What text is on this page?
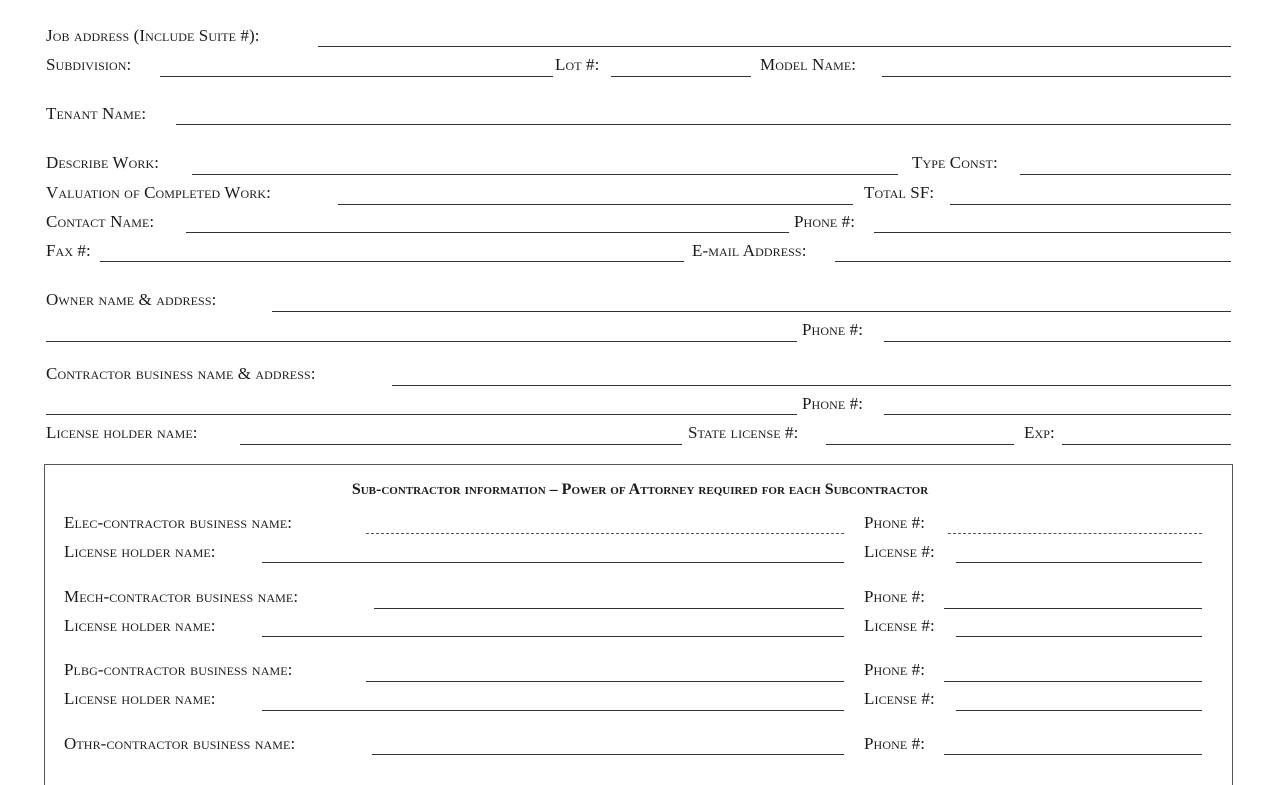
Job address (Include Suite #):
Subdivision:	Lot #:	Model Name:
Tenant Name:
Describe Work:	Type Const:
Valuation of Completed Work:	Total SF:
Contact Name:	Phone #:
Fax #:	E-mail Address:
Owner name & address:
Phone #:
Contractor business name & address:
Phone #:
License holder name:	State license #:	Exp:
Sub-contractor information – Power of Attorney required for each Subcontractor
Elec-contractor business name:	Phone #:
License holder name:	License #:
Mech-contractor business name:	Phone #:
License holder name:	License #:
Plbg-contractor business name:	Phone #:
License holder name:	License #:
Othr-contractor business name:	Phone #:
